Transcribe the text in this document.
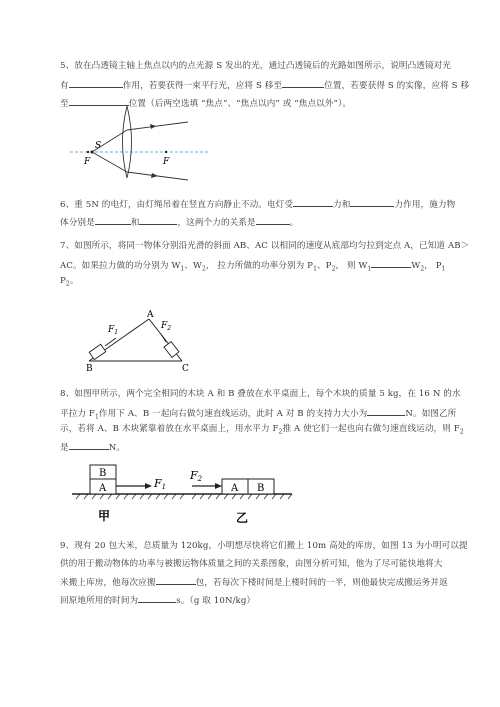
5、放在凸透镜主轴上焦点以内的点光源 S 发出的光，通过凸透镜后的光路如图所示，说明凸透镜对光
有	作用，若要获得一束平行光，应将 S 移至	位置，若要获得 S 的实像，应将 S 移
至	位置（后两空选填 “焦点”、“焦点以内” 或 “焦点以外”）。
S
F	F
6、重 5N 的电灯，由灯绳吊着在竖直方向静止不动。电灯受	力和	力作用，施力物
体分别是	和	，这两个力的关系是	。
7、如图所示，将同一物体分别沿光滑的斜面 AB、AC 以相同的速度从底部均匀拉到定点 A，已知道 AB＞
AC。如果拉力做的功分别为 $W_1$、$W_2$， 拉力所做的功率分别为 $P_1$、$P_2$， 则 $W_1$	$W_2$， $P_1$
$P_2$。
A
B	C
$F_1$
$F_2$
8、如图甲所示，两个完全相同的木块 A 和 B 叠放在水平桌面上，每个木块的质量 5 kg，在 16 N 的水
平拉力 $F_1$作用下 A、B 一起向右做匀速直线运动，此时 A 对 B 的支持力大小为	N。如图乙所
示，若将 A、B 木块紧靠着放在水平桌面上，用水平力 $F_2$推 A 使它们一起也向右做匀速直线运动，则 $F_2$
是	N。
B
A	F1
甲
F2
A B
乙
9、现有 20 包大米，总质量为 120kg，小明想尽快将它们搬上 10m 高处的库房，如图 13 为小明可以提
供的用于搬动物体的功率与被搬运物体质量之间的关系图象，由图分析可知，他为了尽可能快地将大
米搬上库房，他每次应搬	包，若每次下楼时间是上楼时间的一半，则他最快完成搬运务并返
回原地所用的时间为	s。（g 取 10N/kg）
